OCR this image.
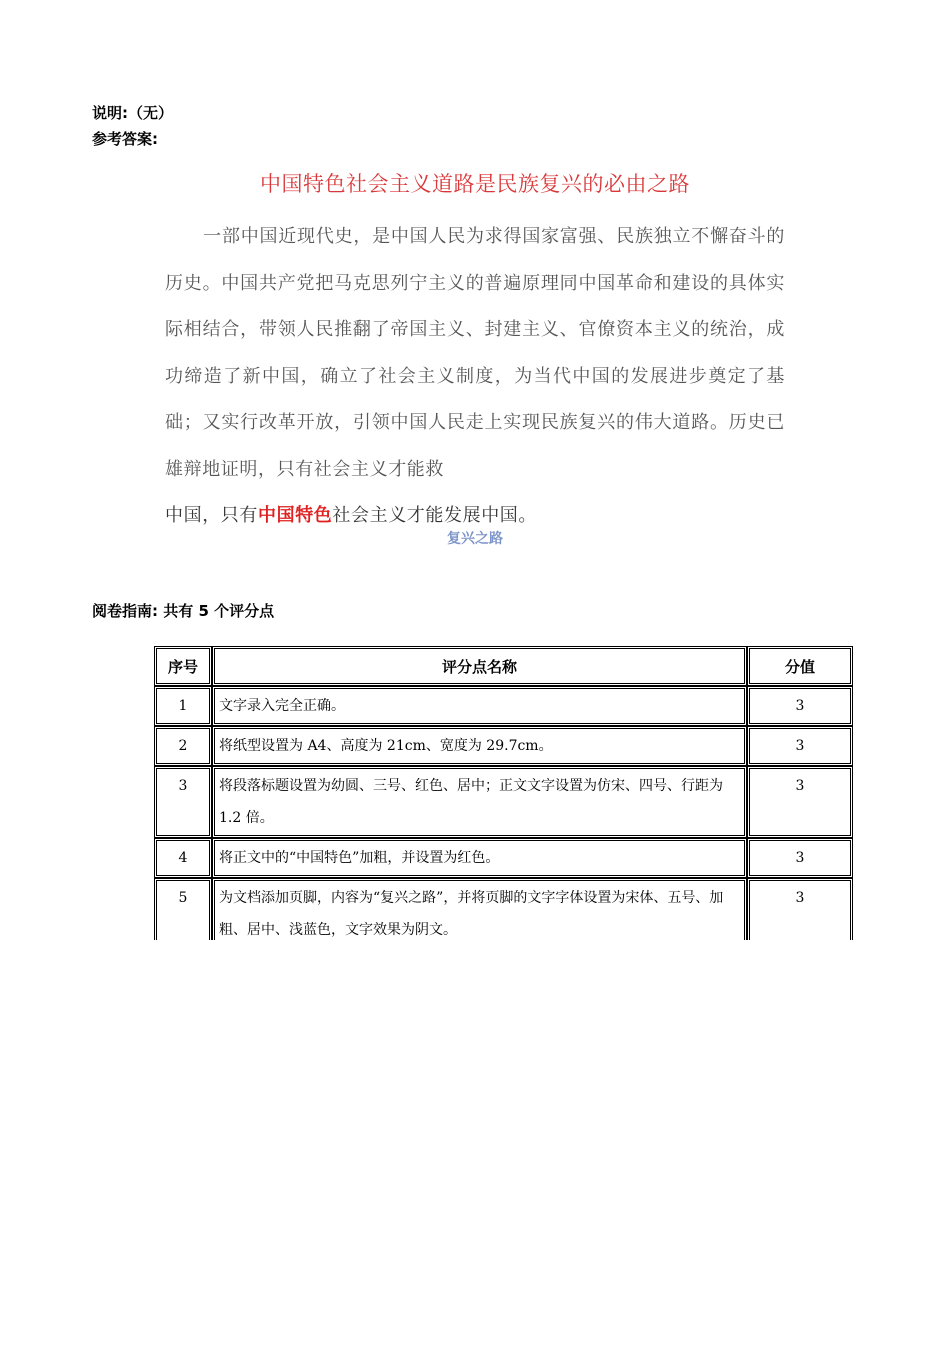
说明:（无）
参考答案:
中国特色社会主义道路是民族复兴的必由之路
一部中国近现代史，是中国人民为求得国家富强、民族独立不懈奋斗的历史。中国共产党把马克思列宁主义的普遍原理同中国革命和建设的具体实际相结合，带领人民推翻了帝国主义、封建主义、官僚资本主义的统治，成功缔造了新中国，确立了社会主义制度，为当代中国的发展进步奠定了基础；又实行改革开放，引领中国人民走上实现民族复兴的伟大道路。历史已雄辩地证明，只有社会主义才能救
中国，只有中国特色社会主义才能发展中国。
复兴之路
阅卷指南: 共有 5 个评分点
序号	评分点名称	分值
1	文字录入完全正确。	3
2	将纸型设置为 A4、高度为 21cm、宽度为 29.7cm。	3
3	将段落标题设置为幼圆、三号、红色、居中；正文文字设置为仿宋、四号、行距为 1.2 倍。	3
4	将正文中的“中国特色”加粗，并设置为红色。	3
5	为文档添加页脚，内容为“复兴之路”，并将页脚的文字字体设置为宋体、五号、加粗、居中、浅蓝色，文字效果为阴文。	3
